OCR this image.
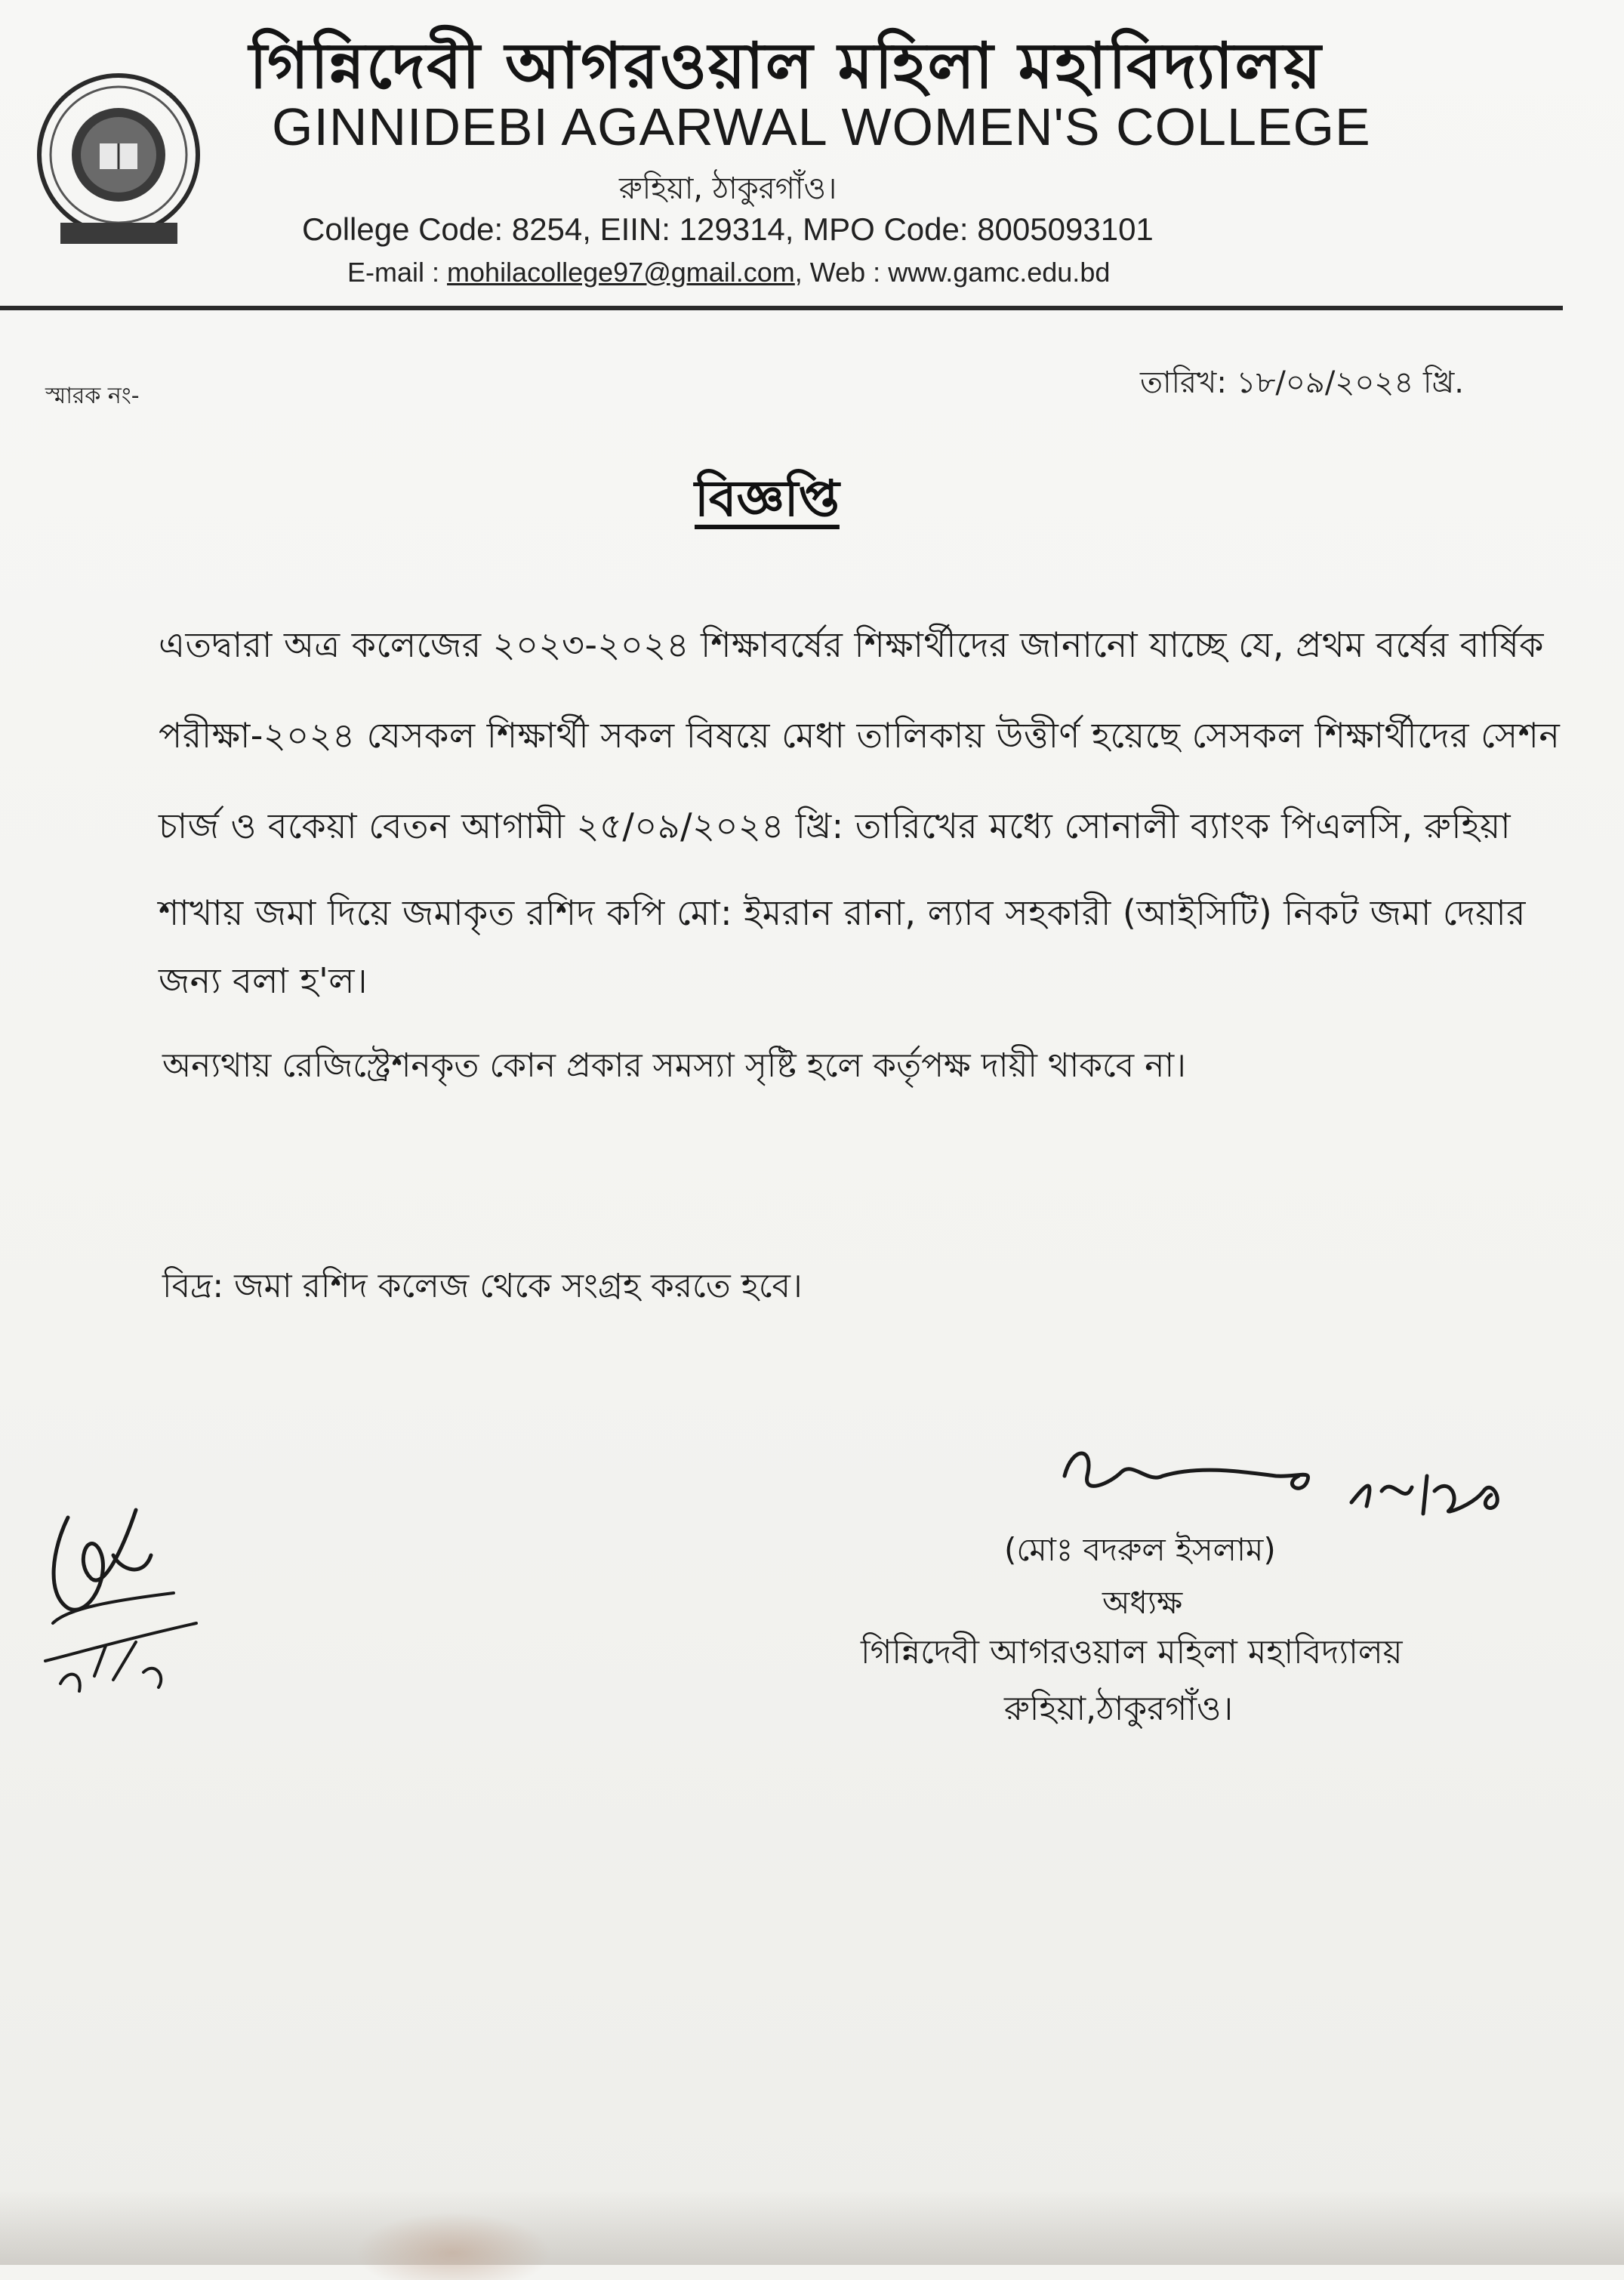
গিন্নিদেবী আগরওয়াল মহিলা মহাবিদ্যালয়
GINNIDEBI AGARWAL WOMEN'S COLLEGE
রুহিয়া, ঠাকুরগাঁও।
College Code: 8254, EIIN: 129314, MPO Code: 8005093101
E-mail : mohilacollege97@gmail.com, Web : www.gamc.edu.bd
স্মারক নং-	তারিখ: ১৮/০৯/২০২৪ খ্রি.
বিজ্ঞপ্তি
এতদ্বারা অত্র কলেজের ২০২৩-২০২৪ শিক্ষাবর্ষের শিক্ষার্থীদের জানানো যাচ্ছে যে, প্রথম বর্ষের বার্ষিক
পরীক্ষা-২০২৪ যেসকল শিক্ষার্থী সকল বিষয়ে মেধা তালিকায় উত্তীর্ণ হয়েছে সেসকল শিক্ষার্থীদের সেশন
চার্জ ও বকেয়া বেতন আগামী ২৫/০৯/২০২৪ খ্রি: তারিখের মধ্যে সোনালী ব্যাংক পিএলসি, রুহিয়া
শাখায় জমা দিয়ে জমাকৃত রশিদ কপি মো: ইমরান রানা, ল্যাব সহকারী (আইসিটি) নিকট জমা দেয়ার
জন্য বলা হ'ল।
অন্যথায় রেজিস্ট্রেশনকৃত কোন প্রকার সমস্যা সৃষ্টি হলে কর্তৃপক্ষ দায়ী থাকবে না।
বিদ্র: জমা রশিদ কলেজ থেকে সংগ্রহ করতে হবে।
(মোঃ বদরুল ইসলাম)
অধ্যক্ষ
গিন্নিদেবী আগরওয়াল মহিলা মহাবিদ্যালয়
রুহিয়া,ঠাকুরগাঁও।
